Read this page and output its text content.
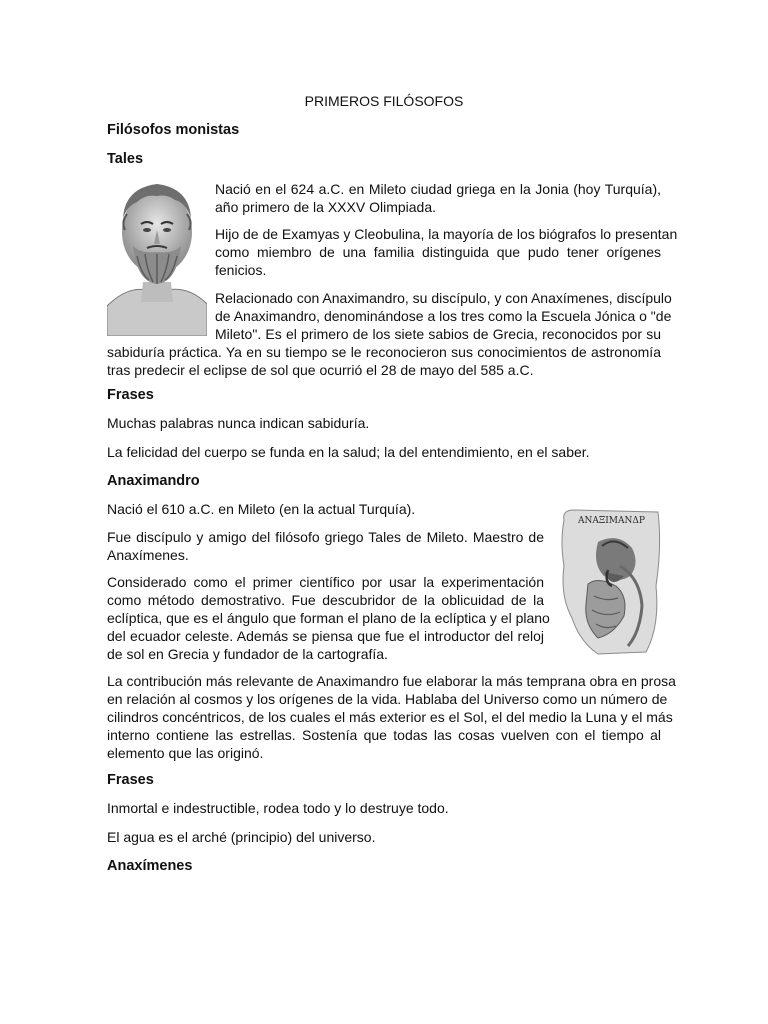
PRIMEROS FILÓSOFOS
Filósofos monistas
Tales

Nació en el 624 a.C. en Mileto ciudad griega en la Jonia (hoy Turquía),
año primero de la XXXV Olimpiada.

Hijo de de Examyas y Cleobulina, la mayoría de los biógrafos lo presentan
como miembro de una familia distinguida que pudo tener orígenes
fenicios.

Relacionado con Anaximandro, su discípulo, y con Anaxímenes, discípulo
de Anaximandro, denominándose a los tres como la Escuela Jónica o "de
Mileto". Es el primero de los siete sabios de Grecia, reconocidos por su

sabiduría práctica. Ya en su tiempo se le reconocieron sus conocimientos de astronomía
tras predecir el eclipse de sol que ocurrió el 28 de mayo del 585 a.C.

Frases

Muchas palabras nunca indican sabiduría.

La felicidad del cuerpo se funda en la salud; la del entendimiento, en el saber.

Anaximandro

Nació el 610 a.C. en Mileto (en la actual Turquía).

ΑΝΑΞΙΜΑΝΔΡ

Fue discípulo y amigo del filósofo griego Tales de Mileto. Maestro de
Anaxímenes.

Considerado como el primer científico por usar la experimentación
como método demostrativo. Fue descubridor de la oblicuidad de la
eclíptica, que es el ángulo que forman el plano de la eclíptica y el plano
del ecuador celeste. Además se piensa que fue el introductor del reloj
de sol en Grecia y fundador de la cartografía.

La contribución más relevante de Anaximandro fue elaborar la más temprana obra en prosa
en relación al cosmos y los orígenes de la vida. Hablaba del Universo como un número de
cilindros concéntricos, de los cuales el más exterior es el Sol, el del medio la Luna y el más
interno contiene las estrellas. Sostenía que todas las cosas vuelven con el tiempo al
elemento que las originó.

Frases

Inmortal e indestructible, rodea todo y lo destruye todo.

El agua es el arché (principio) del universo.

Anaxímenes
